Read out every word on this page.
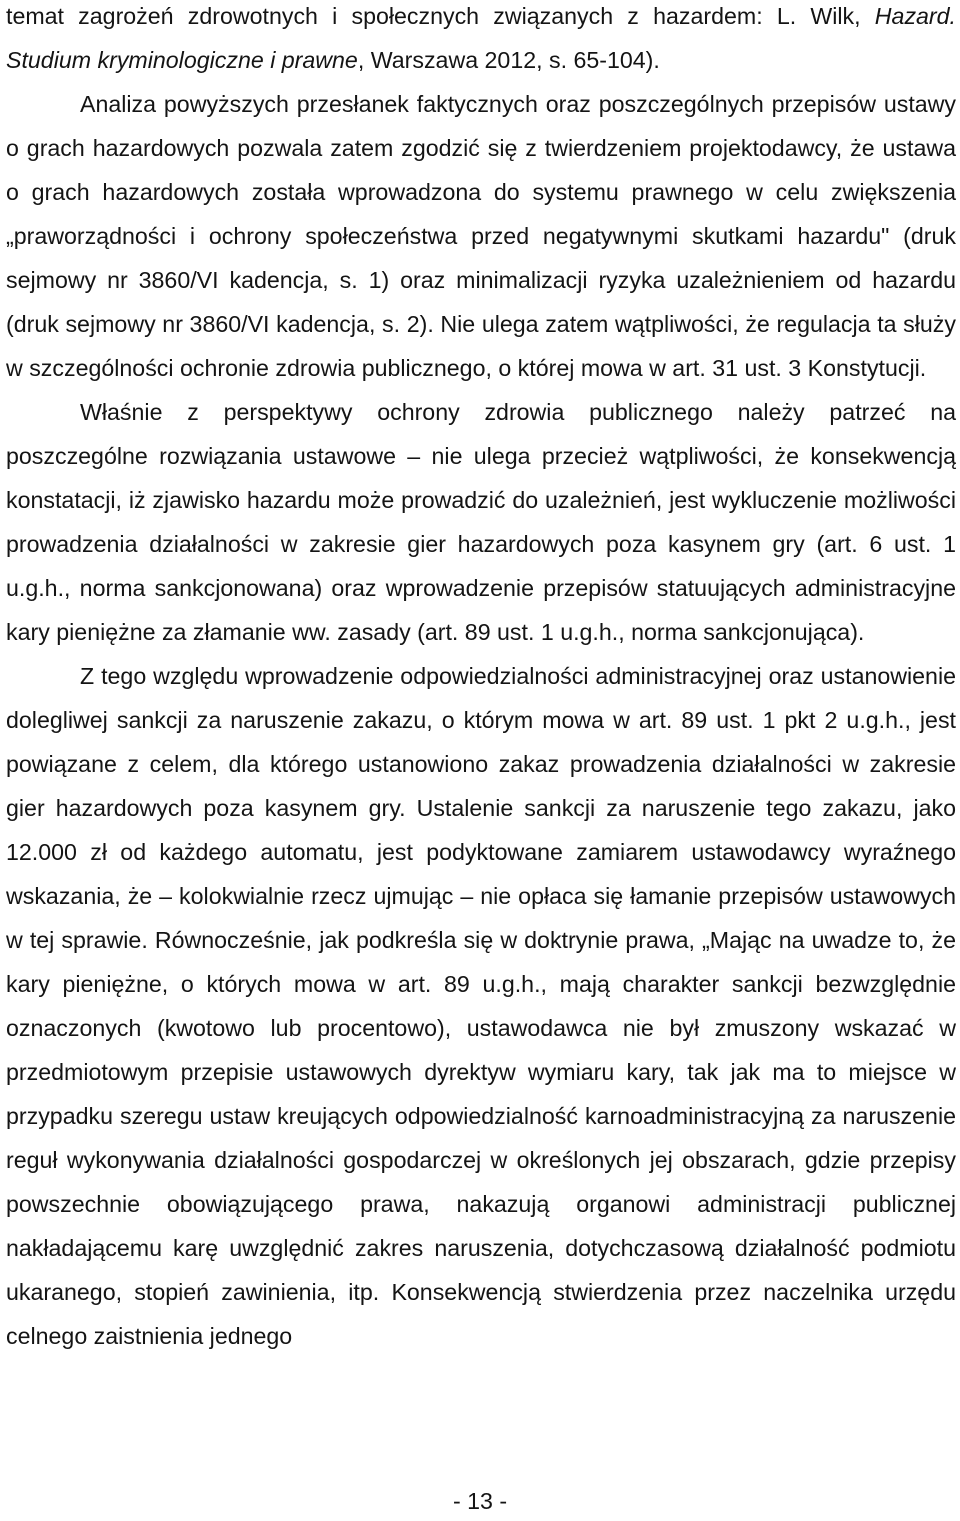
temat zagrożeń zdrowotnych i społecznych związanych z hazardem: L. Wilk, Hazard. Studium kryminologiczne i prawne, Warszawa 2012, s. 65-104).

Analiza powyższych przesłanek faktycznych oraz poszczególnych przepisów ustawy o grach hazardowych pozwala zatem zgodzić się z twierdzeniem projektodawcy, że ustawa o grach hazardowych została wprowadzona do systemu prawnego w celu zwiększenia „praworządności i ochrony społeczeństwa przed negatywnymi skutkami hazardu" (druk sejmowy nr 3860/VI kadencja, s. 1) oraz minimalizacji ryzyka uzależnieniem od hazardu (druk sejmowy nr 3860/VI kadencja, s. 2). Nie ulega zatem wątpliwości, że regulacja ta służy w szczególności ochronie zdrowia publicznego, o której mowa w art. 31 ust. 3 Konstytucji.

Właśnie z perspektywy ochrony zdrowia publicznego należy patrzeć na poszczególne rozwiązania ustawowe – nie ulega przecież wątpliwości, że konsekwencją konstatacji, iż zjawisko hazardu może prowadzić do uzależnień, jest wykluczenie możliwości prowadzenia działalności w zakresie gier hazardowych poza kasynem gry (art. 6 ust. 1 u.g.h., norma sankcjonowana) oraz wprowadzenie przepisów statuujących administracyjne kary pieniężne za złamanie ww. zasady (art. 89 ust. 1 u.g.h., norma sankcjonująca).

Z tego względu wprowadzenie odpowiedzialności administracyjnej oraz ustanowienie dolegliwej sankcji za naruszenie zakazu, o którym mowa w art. 89 ust. 1 pkt 2 u.g.h., jest powiązane z celem, dla którego ustanowiono zakaz prowadzenia działalności w zakresie gier hazardowych poza kasynem gry. Ustalenie sankcji za naruszenie tego zakazu, jako 12.000 zł od każdego automatu, jest podyktowane zamiarem ustawodawcy wyraźnego wskazania, że – kolokwialnie rzecz ujmując – nie opłaca się łamanie przepisów ustawowych w tej sprawie. Równocześnie, jak podkreśla się w doktrynie prawa, „Mając na uwadze to, że kary pieniężne, o których mowa w art. 89 u.g.h., mają charakter sankcji bezwzględnie oznaczonych (kwotowo lub procentowo), ustawodawca nie był zmuszony wskazać w przedmiotowym przepisie ustawowych dyrektyw wymiaru kary, tak jak ma to miejsce w przypadku szeregu ustaw kreujących odpowiedzialność karnoadministracyjną za naruszenie reguł wykonywania działalności gospodarczej w określonych jej obszarach, gdzie przepisy powszechnie obowiązującego prawa, nakazują organowi administracji publicznej nakładającemu karę uwzględnić zakres naruszenia, dotychczasową działalność podmiotu ukaranego, stopień zawinienia, itp. Konsekwencją stwierdzenia przez naczelnika urzędu celnego zaistnienia jednego

- 13 -
